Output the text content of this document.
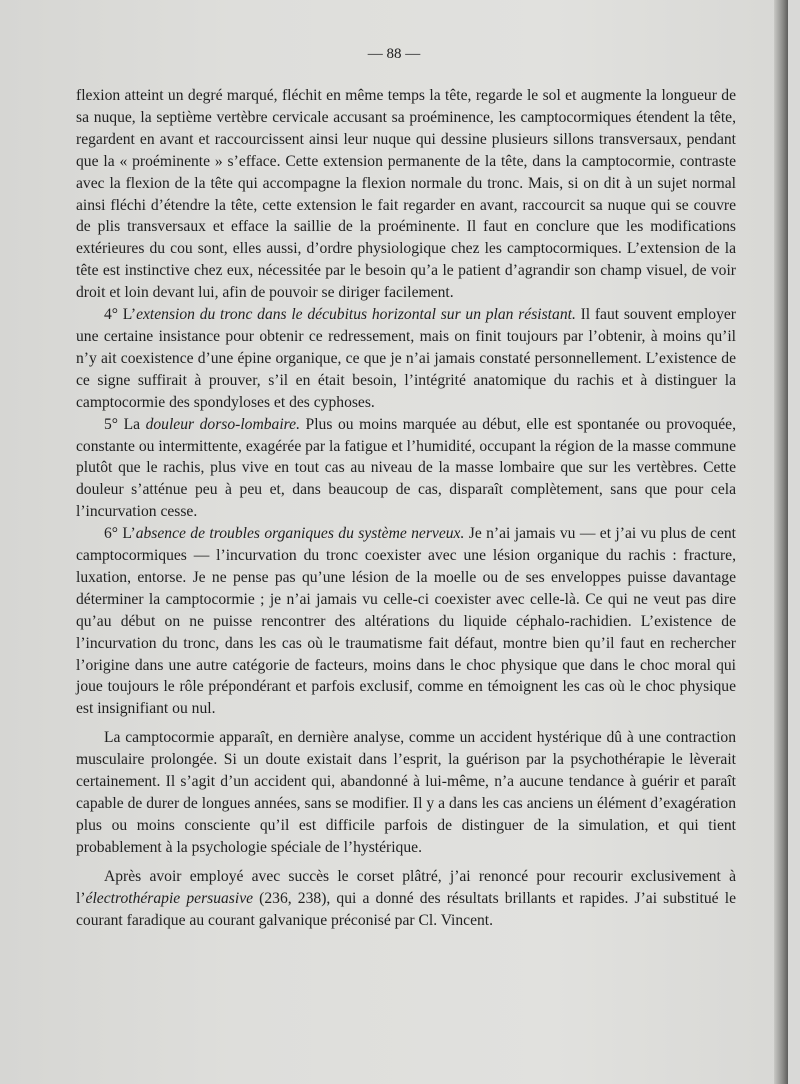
— 88 —

flexion atteint un degré marqué, fléchit en même temps la tête, regarde le sol et augmente la longueur de sa nuque, la septième vertèbre cervicale accusant sa proéminence, les camptocormiques étendent la tête, regardent en avant et raccourcissent ainsi leur nuque qui dessine plusieurs sillons transversaux, pendant que la « proéminente » s’efface. Cette extension permanente de la tête, dans la camptocormie, contraste avec la flexion de la tête qui accompagne la flexion normale du tronc. Mais, si on dit à un sujet normal ainsi fléchi d’étendre la tête, cette extension le fait regarder en avant, raccourcit sa nuque qui se couvre de plis transversaux et efface la saillie de la proéminente. Il faut en conclure que les modifications extérieures du cou sont, elles aussi, d’ordre physiologique chez les camptocormiques. L’extension de la tête est instinctive chez eux, nécessitée par le besoin qu’a le patient d’agrandir son champ visuel, de voir droit et loin devant lui, afin de pouvoir se diriger facilement.

4° L’extension du tronc dans le décubitus horizontal sur un plan résistant. Il faut souvent employer une certaine insistance pour obtenir ce redressement, mais on finit toujours par l’obtenir, à moins qu’il n’y ait coexistence d’une épine organique, ce que je n’ai jamais constaté personnellement. L’existence de ce signe suffirait à prouver, s’il en était besoin, l’intégrité anatomique du rachis et à distinguer la camptocormie des spondyloses et des cyphoses.

5° La douleur dorso-lombaire. Plus ou moins marquée au début, elle est spontanée ou provoquée, constante ou intermittente, exagérée par la fatigue et l’humidité, occupant la région de la masse commune plutôt que le rachis, plus vive en tout cas au niveau de la masse lombaire que sur les vertèbres. Cette douleur s’atténue peu à peu et, dans beaucoup de cas, disparaît complètement, sans que pour cela l’incurvation cesse.

6° L’absence de troubles organiques du système nerveux. Je n’ai jamais vu — et j’ai vu plus de cent camptocormiques — l’incurvation du tronc coexister avec une lésion organique du rachis : fracture, luxation, entorse. Je ne pense pas qu’une lésion de la moelle ou de ses enveloppes puisse davantage déterminer la camptocormie ; je n’ai jamais vu celle-ci coexister avec celle-là. Ce qui ne veut pas dire qu’au début on ne puisse rencontrer des altérations du liquide céphalo-rachidien. L’existence de l’incurvation du tronc, dans les cas où le traumatisme fait défaut, montre bien qu’il faut en rechercher l’origine dans une autre catégorie de facteurs, moins dans le choc physique que dans le choc moral qui joue toujours le rôle prépondérant et parfois exclusif, comme en témoignent les cas où le choc physique est insignifiant ou nul.

La camptocormie apparaît, en dernière analyse, comme un accident hystérique dû à une contraction musculaire prolongée. Si un doute existait dans l’esprit, la guérison par la psychothérapie le lèverait certainement. Il s’agit d’un accident qui, abandonné à lui-même, n’a aucune tendance à guérir et paraît capable de durer de longues années, sans se modifier. Il y a dans les cas anciens un élément d’exagération plus ou moins consciente qu’il est difficile parfois de distinguer de la simulation, et qui tient probablement à la psychologie spéciale de l’hystérique.

Après avoir employé avec succès le corset plâtré, j’ai renoncé pour recourir exclusivement à l’électrothérapie persuasive (236, 238), qui a donné des résultats brillants et rapides. J’ai substitué le courant faradique au courant galvanique préconisé par Cl. Vincent.
